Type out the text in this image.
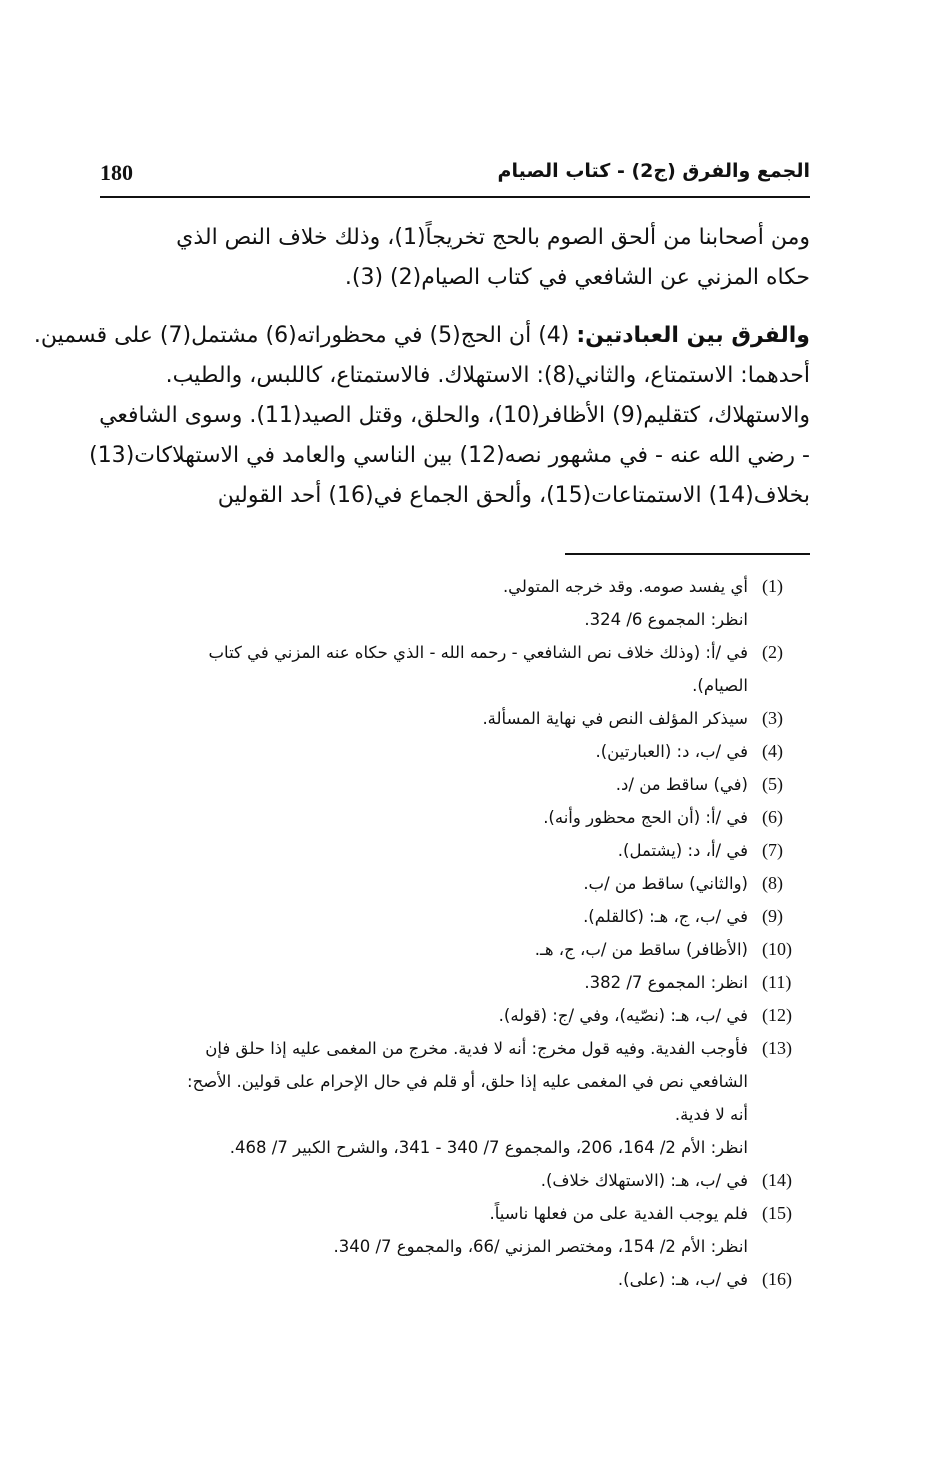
180	الجمع والفرق (ج2) - كتاب الصيام
ومن أصحابنا من ألحق الصوم بالحج تخريجاً(1)، وذلك خلاف النص الذي
حكاه المزني عن الشافعي في كتاب الصيام(2) (3).
والفرق بين العبادتين: (4) أن الحج(5) في محظوراته(6) مشتمل(7) على قسمين.
أحدهما: الاستمتاع، والثاني(8): الاستهلاك. فالاستمتاع، كاللبس، والطيب.
والاستهلاك، كتقليم(9) الأظافر(10)، والحلق، وقتل الصيد(11). وسوى الشافعي
- رضي الله عنه - في مشهور نصه(12) بين الناسي والعامد في الاستهلاكات(13)
بخلاف(14) الاستمتاعات(15)، وألحق الجماع في(16) أحد القولين
(1)
أي يفسد صومه. وقد خرجه المتولي.
انظر: المجموع 6/ 324.
(2)
في /أ: (وذلك خلاف نص الشافعي - رحمه الله - الذي حكاه عنه المزني في كتاب
الصيام).
(3)
سيذكر المؤلف النص في نهاية المسألة.
(4)
في /ب، د: (العبارتين).
(5)
(في) ساقط من /د.
(6)
في /أ: (أن الحج محظور وأنه).
(7)
في /أ، د: (يشتمل).
(8)
(والثاني) ساقط من /ب.
(9)
في /ب، ج، هـ: (كالقلم).
(10)
(الأظافر) ساقط من /ب، ج، هـ.
(11)
انظر: المجموع 7/ 382.
(12)
في /ب، هـ: (نصّيه)، وفي /ج: (قوله).
(13)
فأوجب الفدية. وفيه قول مخرج: أنه لا فدية. مخرج من المغمى عليه إذا حلق فإن
الشافعي نص في المغمى عليه إذا حلق، أو قلم في حال الإحرام على قولين. الأصح:
أنه لا فدية.
انظر: الأم 2/ 164، 206، والمجموع 7/ 340 - 341، والشرح الكبير 7/ 468.
(14)
في /ب، هـ: (الاستهلاك خلاف).
(15)
فلم يوجب الفدية على من فعلها ناسياً.
انظر: الأم 2/ 154، ومختصر المزني /66، والمجموع 7/ 340.
(16)
في /ب، هـ: (على).
